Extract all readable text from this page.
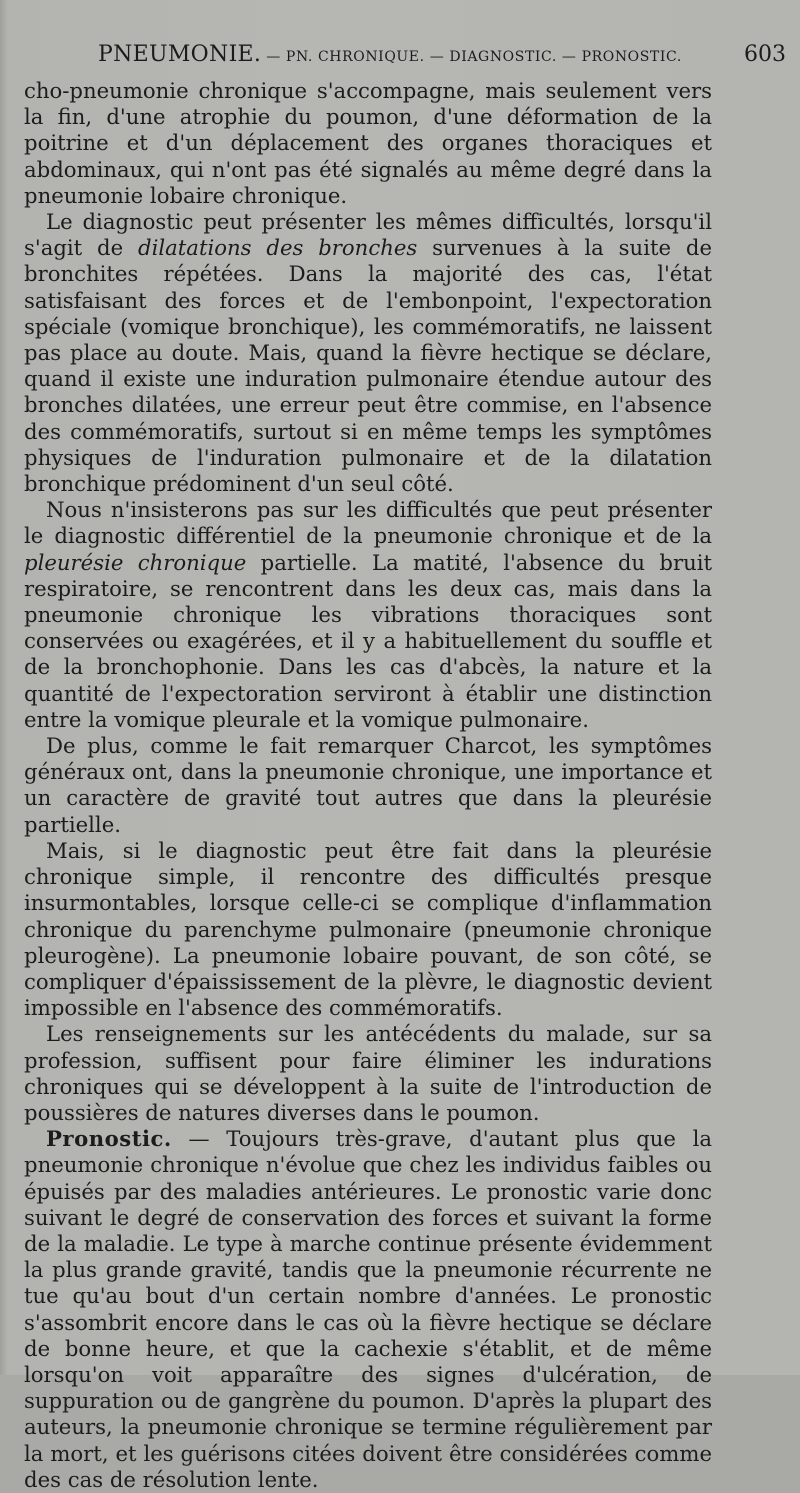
PNEUMONIE. — PN. CHRONIQUE. — DIAGNOSTIC. — PRONOSTIC.	603

cho-pneumonie chronique s'accompagne, mais seulement vers la fin, d'une atrophie du poumon, d'une déformation de la poitrine et d'un déplacement des organes thoraciques et abdominaux, qui n'ont pas été signalés au même degré dans la pneumonie lobaire chronique.

Le diagnostic peut présenter les mêmes difficultés, lorsqu'il s'agit de dilatations des bronches survenues à la suite de bronchites répétées. Dans la majorité des cas, l'état satisfaisant des forces et de l'embonpoint, l'expectoration spéciale (vomique bronchique), les commémoratifs, ne laissent pas place au doute. Mais, quand la fièvre hectique se déclare, quand il existe une induration pulmonaire étendue autour des bronches dilatées, une erreur peut être commise, en l'absence des commémoratifs, surtout si en même temps les symptômes physiques de l'induration pulmonaire et de la dilatation bronchique prédominent d'un seul côté.

Nous n'insisterons pas sur les difficultés que peut présenter le diagnostic différentiel de la pneumonie chronique et de la pleurésie chronique partielle. La matité, l'absence du bruit respiratoire, se rencontrent dans les deux cas, mais dans la pneumonie chronique les vibrations thoraciques sont conservées ou exagérées, et il y a habituellement du souffle et de la bronchophonie. Dans les cas d'abcès, la nature et la quantité de l'expectoration serviront à établir une distinction entre la vomique pleurale et la vomique pulmonaire.

De plus, comme le fait remarquer Charcot, les symptômes généraux ont, dans la pneumonie chronique, une importance et un caractère de gravité tout autres que dans la pleurésie partielle.

Mais, si le diagnostic peut être fait dans la pleurésie chronique simple, il rencontre des difficultés presque insurmontables, lorsque celle-ci se complique d'inflammation chronique du parenchyme pulmonaire (pneumonie chronique pleurogène). La pneumonie lobaire pouvant, de son côté, se compliquer d'épaississement de la plèvre, le diagnostic devient impossible en l'absence des commémoratifs.

Les renseignements sur les antécédents du malade, sur sa profession, suffisent pour faire éliminer les indurations chroniques qui se développent à la suite de l'introduction de poussières de natures diverses dans le poumon.

Pronostic. — Toujours très-grave, d'autant plus que la pneumonie chronique n'évolue que chez les individus faibles ou épuisés par des maladies antérieures. Le pronostic varie donc suivant le degré de conservation des forces et suivant la forme de la maladie. Le type à marche continue présente évidemment la plus grande gravité, tandis que la pneumonie récurrente ne tue qu'au bout d'un certain nombre d'années. Le pronostic s'assombrit encore dans le cas où la fièvre hectique se déclare de bonne heure, et que la cachexie s'établit, et de même lorsqu'on voit apparaître des signes d'ulcération, de suppuration ou de gangrène du poumon. D'après la plupart des auteurs, la pneumonie chronique se termine régulièrement par la mort, et les guérisons citées doivent être considérées comme des cas de résolution lente.
